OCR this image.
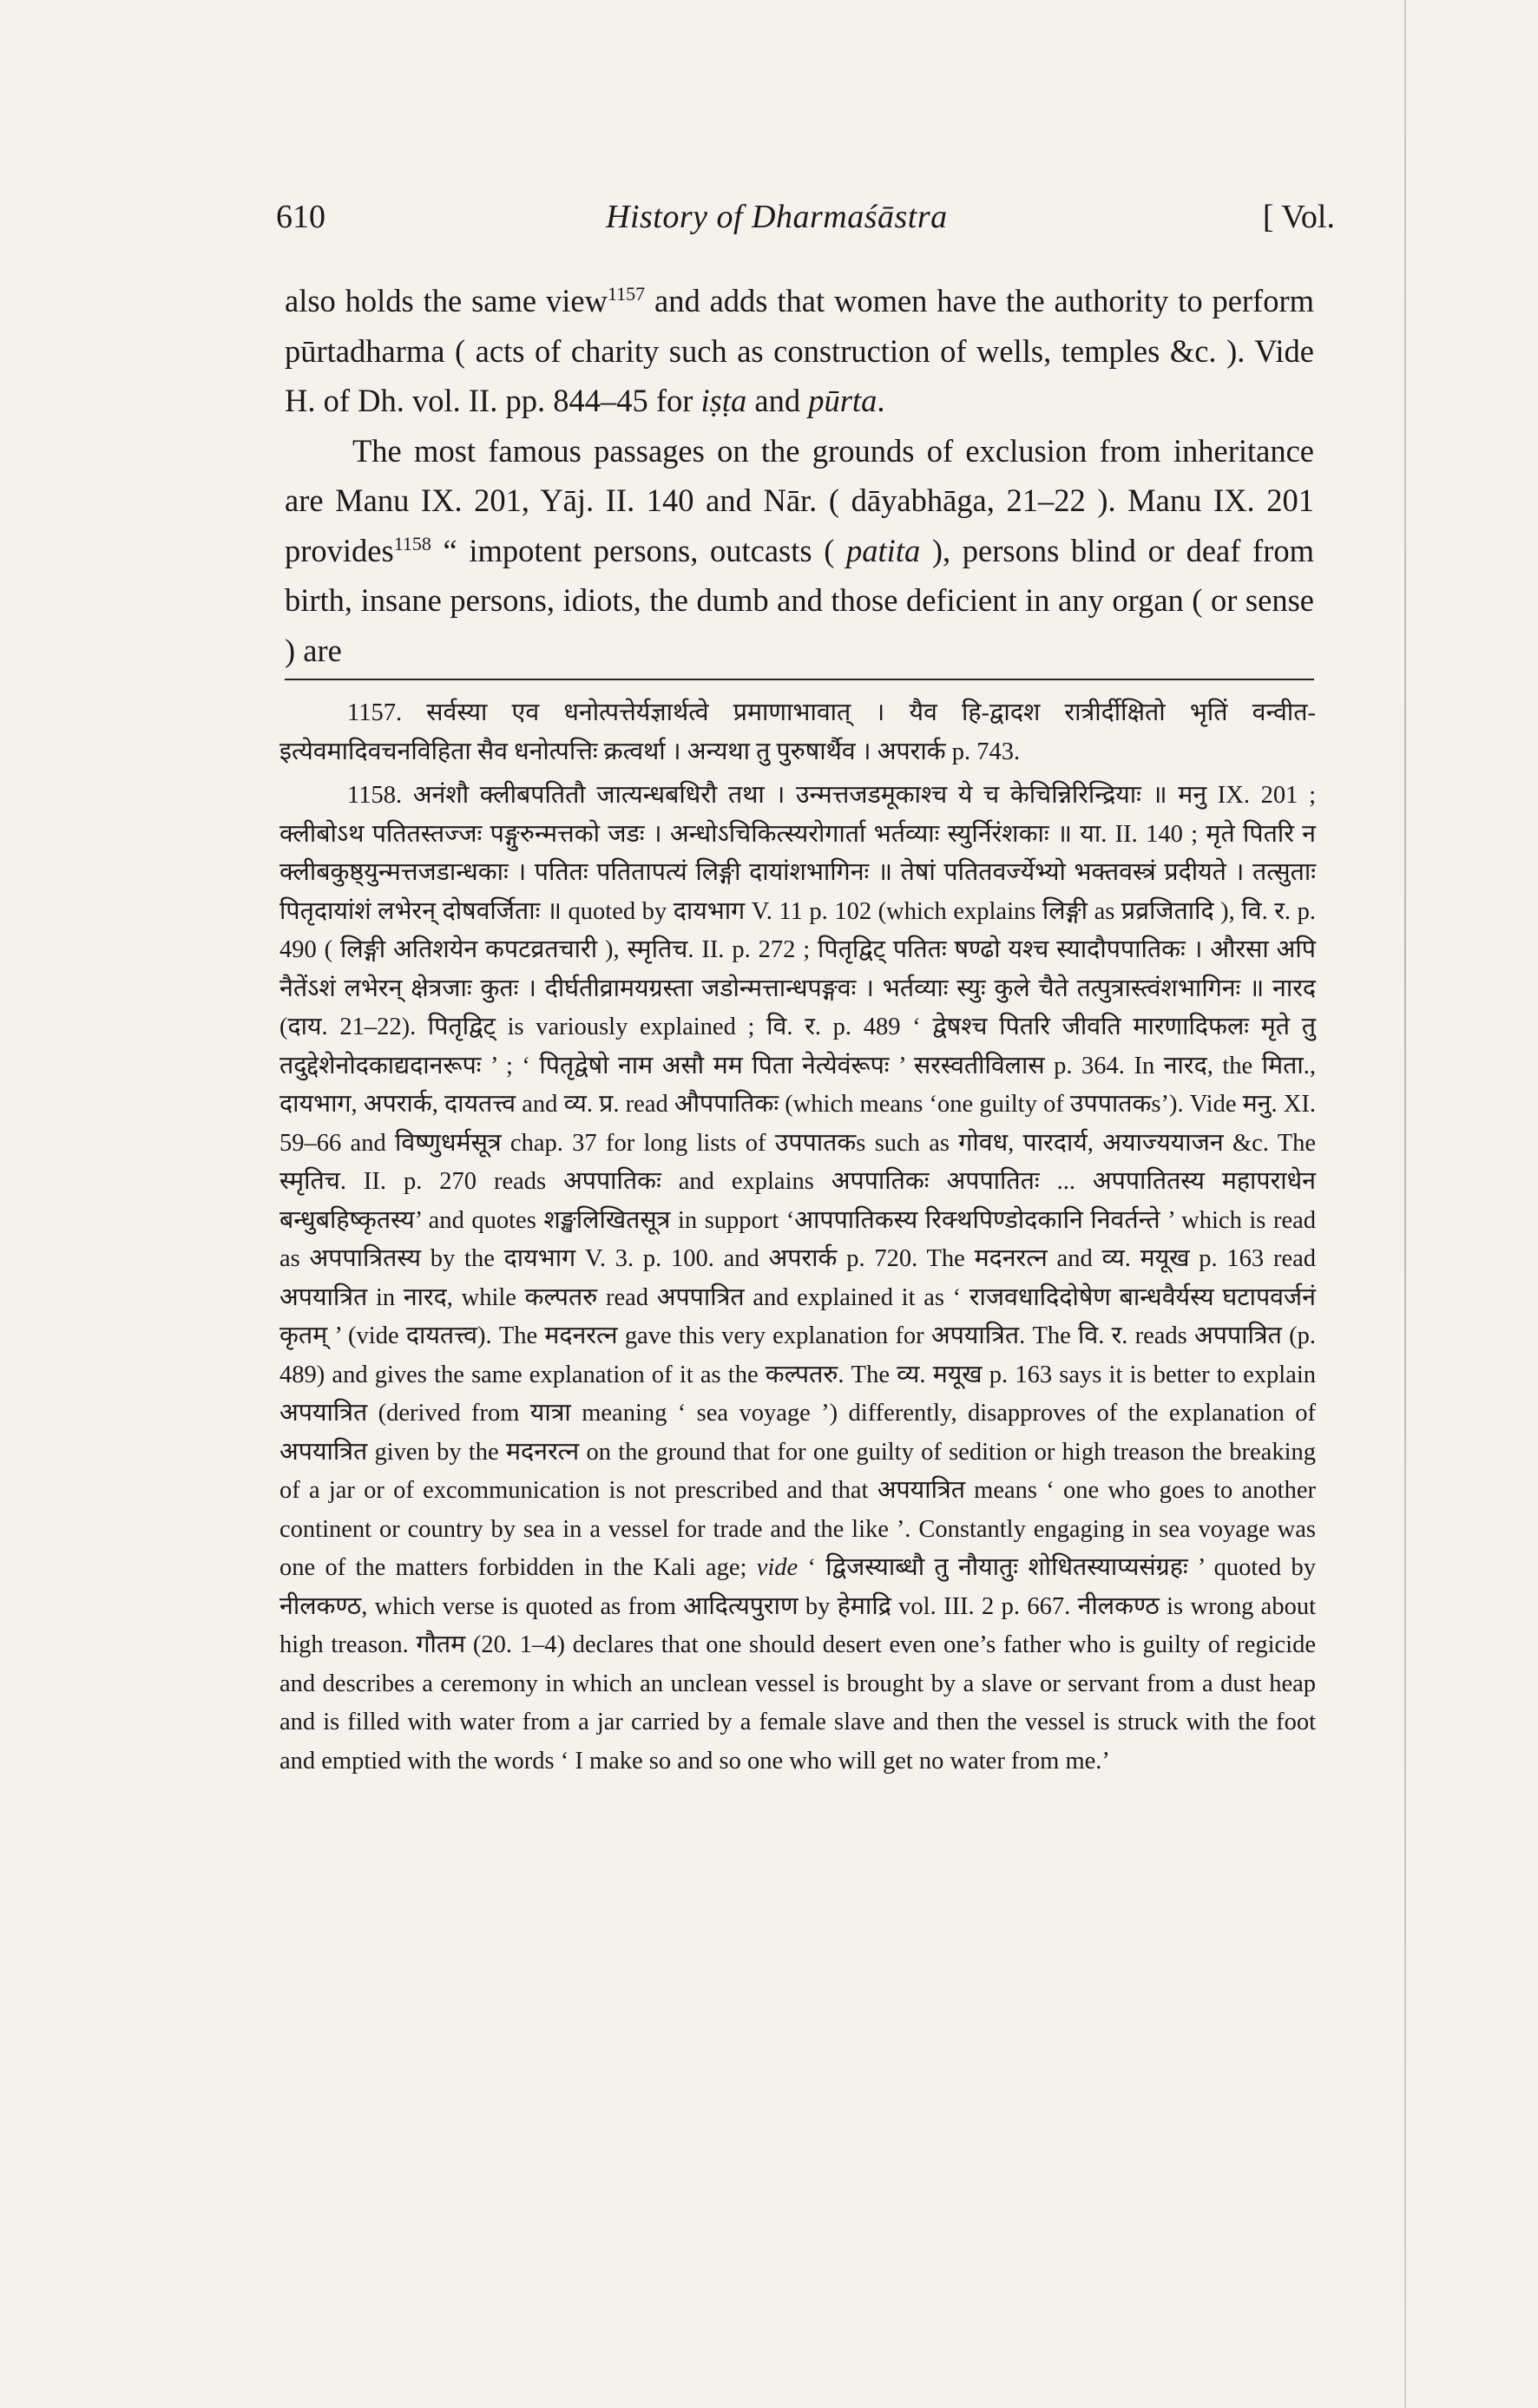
610	History of Dharmaśāstra	[ Vol.

also holds the same view$^{1157}$ and adds that women have the authority to perform pūrtadharma ( acts of charity such as construction of wells, temples &c. ). Vide H. of Dh. vol. II. pp. 844–45 for iṣṭa and pūrta.

The most famous passages on the grounds of exclusion from inheritance are Manu IX. 201, Yāj. II. 140 and Nār. ( dāyabhāga, 21–22 ). Manu IX. 201 provides$^{1158}$ “ impotent persons, outcasts ( patita ), persons blind or deaf from birth, insane persons, idiots, the dumb and those deficient in any organ ( or sense ) are

1157. सर्वस्या एव धनोत्पत्तेर्यज्ञार्थत्वे प्रमाणाभावात् । यैव हि-द्वादश रात्रीर्दीक्षितो भृतिं वन्वीत-इत्येवमादिवचनविहिता सैव धनोत्पत्तिः क्रत्वर्था । अन्यथा तु पुरुषार्थैव । अपरार्क p. 743.

1158. अनंशौ क्लीबपतितौ जात्यन्धबधिरौ तथा । उन्मत्तजडमूकाश्च ये च केचिन्निरिन्द्रियाः ॥ मनु IX. 201 ; क्लीबोऽथ पतितस्तज्जः पङ्गुरुन्मत्तको जडः । अन्धोऽचिकित्स्यरोगार्ता भर्तव्याः स्युर्निरंशकाः ॥ या. II. 140 ; मृते पितरि न क्लीबकुष्ठ्युन्मत्तजडान्धकाः । पतितः पतितापत्यं लिङ्गी दायांशभागिनः ॥ तेषां पतितवर्ज्येभ्यो भक्तवस्त्रं प्रदीयते । तत्सुताः पितृदायांशं लभेरन् दोषवर्जिताः ॥ quoted by दायभाग V. 11 p. 102 (which explains लिङ्गी as प्रव्रजितादि ), वि. र. p. 490 ( लिङ्गी अतिशयेन कपटव्रतचारी ), स्मृतिच. II. p. 272 ; पितृद्विट् पतितः षण्ढो यश्च स्यादौपपातिकः । औरसा अपि नैतेंऽशं लभेरन् क्षेत्रजाः कुतः । दीर्घतीव्रामयग्रस्ता जडोन्मत्तान्धपङ्गवः । भर्तव्याः स्युः कुले चैते तत्पुत्रास्त्वंशभागिनः ॥ नारद (दाय. 21–22). पितृद्विट् is variously explained ; वि. र. p. 489 ‘ द्वेषश्च पितरि जीवति मारणादिफलः मृते तु तदुद्देशेनोदकाद्यदानरूपः ’ ; ‘ पितृद्वेषो नाम असौ मम पिता नेत्येवंरूपः ’ सरस्वतीविलास p. 364. In नारद, the मिता., दायभाग, अपरार्क, दायतत्त्व and व्य. प्र. read औपपातिकः (which means ‘one guilty of उपपातकs’). Vide मनु. XI. 59–66 and विष्णुधर्मसूत्र chap. 37 for long lists of उपपातकs such as गोवध, पारदार्य, अयाज्ययाजन &c. The स्मृतिच. II. p. 270 reads अपपातिकः and explains अपपातिकः अपपातितः ... अपपातितस्य महापराधेन बन्धुबहिष्कृतस्य’ and quotes शङ्खलिखितसूत्र in support ‘आपपातिकस्य रिक्थपिण्डोदकानि निवर्तन्ते ’ which is read as अपपात्रितस्य by the दायभाग V. 3. p. 100. and अपरार्क p. 720. The मदनरत्न and व्य. मयूख p. 163 read अपयात्रित in नारद, while कल्पतरु read अपपात्रित and explained it as ‘ राजवधादिदोषेण बान्धवैर्यस्य घटापवर्जनं कृतम् ’ (vide दायतत्त्व). The मदनरत्न gave this very explanation for अपयात्रित. The वि. र. reads अपपात्रित (p. 489) and gives the same explanation of it as the कल्पतरु. The व्य. मयूख p. 163 says it is better to explain अपयात्रित (derived from यात्रा meaning ‘ sea voyage ’) differently, disapproves of the explanation of अपयात्रित given by the मदनरत्न on the ground that for one guilty of sedition or high treason the breaking of a jar or of excommunication is not prescribed and that अपयात्रित means ‘ one who goes to another continent or country by sea in a vessel for trade and the like ’. Constantly engaging in sea voyage was one of the matters forbidden in the Kali age; vide ‘ द्विजस्याब्धौ तु नौयातुः शोधितस्याप्यसंग्रहः ’ quoted by नीलकण्ठ, which verse is quoted as from आदित्यपुराण by हेमाद्रि vol. III. 2 p. 667. नीलकण्ठ is wrong about high treason. गौतम (20. 1–4) declares that one should desert even one’s father who is guilty of regicide and describes a ceremony in which an unclean vessel is brought by a slave or servant from a dust heap and is filled with water from a jar carried by a female slave and then the vessel is struck with the foot and emptied with the words ‘ I make so and so one who will get no water from me.’
